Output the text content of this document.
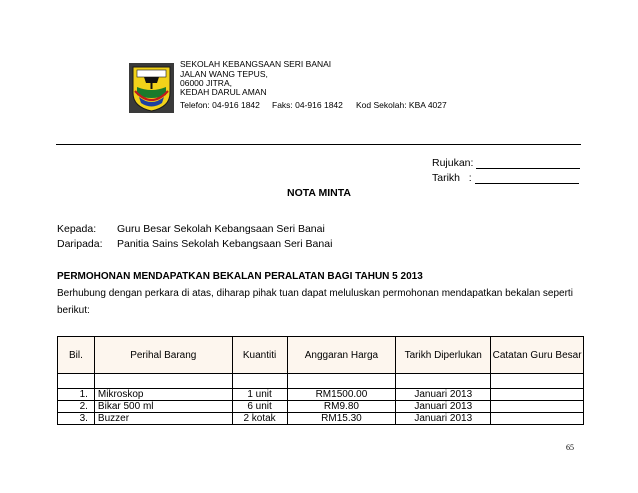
SEKOLAH KEBANGSAAN SERI BANAI
JALAN WANG TEPUS,
06000 JITRA,
KEDAH DARUL AMAN
Telefon: 04-916 1842 Faks: 04-916 1842 Kod Sekolah: KBA 4027
Rujukan:
Tarikh   :
NOTA MINTA
Kepada: Guru Besar Sekolah Kebangsaan Seri Banai
Daripada: Panitia Sains Sekolah Kebangsaan Seri Banai
PERMOHONAN MENDAPATKAN BEKALAN PERALATAN BAGI TAHUN 5 2013
Berhubung dengan perkara di atas, diharap pihak tuan dapat meluluskan permohonan mendapatkan bekalan seperti
berikut:
Bil.	Perihal Barang	Kuantiti	Anggaran Harga	Tarikh Diperlukan	Catatan Guru Besar

1.	Mikroskop	1 unit	RM1500.00	Januari 2013	
2.	Bikar 500 ml	6 unit	RM9.80	Januari 2013	
3.	Buzzer	2 kotak	RM15.30	Januari 2013	
65
